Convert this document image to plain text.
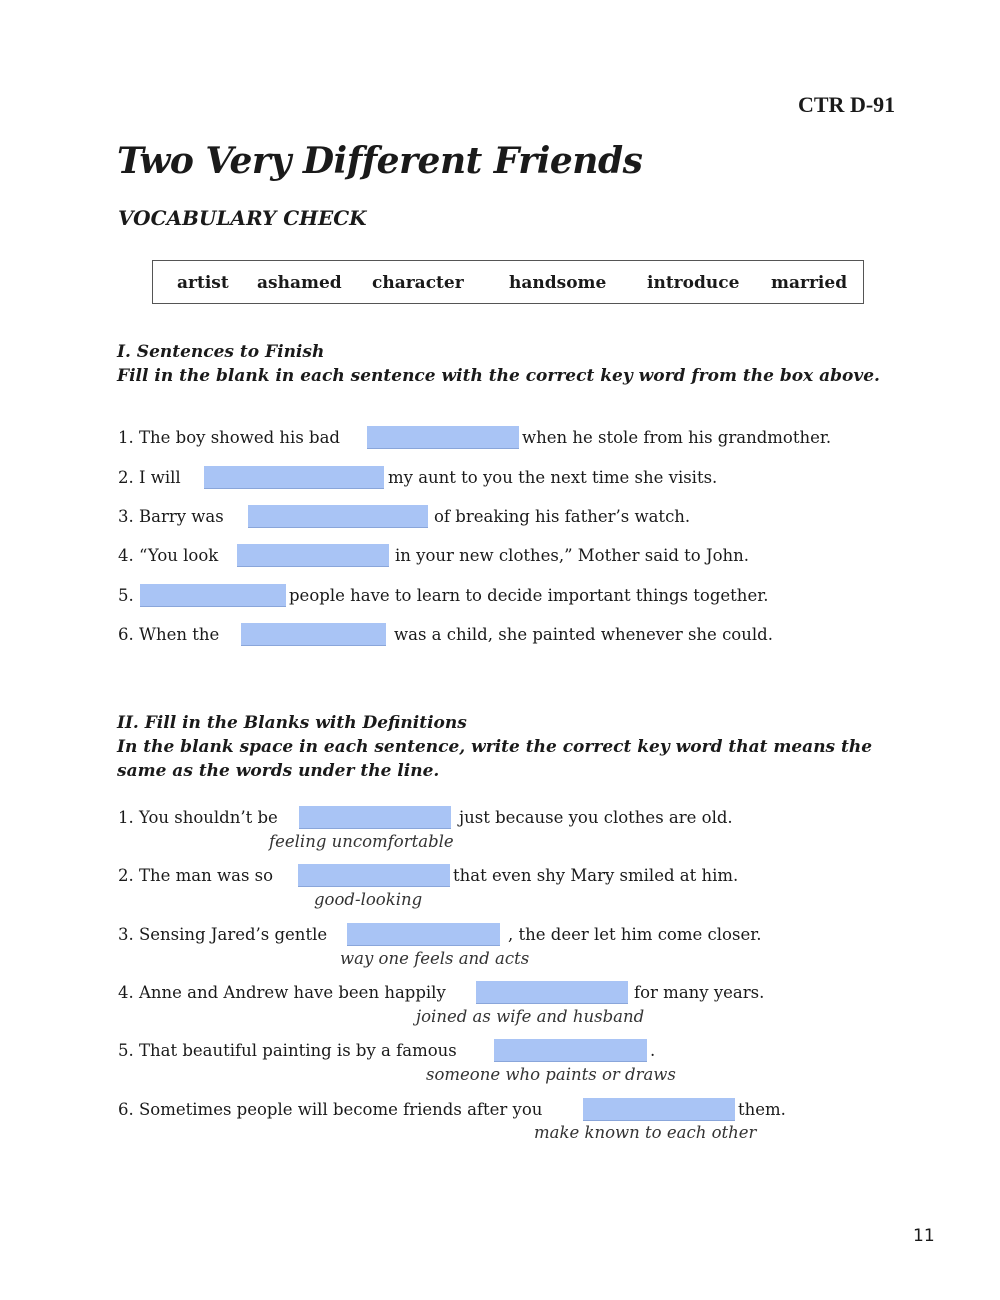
CTR D-91
Two Very Different Friends
VOCABULARY CHECK
artist ashamed character	handsome introduce married
I. Sentences to Finish
Fill in the blank in each sentence with the correct key word from the box above.
1. The boy showed his bad	when he stole from his grandmother.
2. I will	my aunt to you the next time she visits.
3. Barry was	of breaking his father’s watch.
4. “You look	in your new clothes,” Mother said to John.
5.	people have to learn to decide important things together.
6. When the	was a child, she painted whenever she could.
II. Fill in the Blanks with Definitions
In the blank space in each sentence, write the correct key word that means the
same as the words under the line.
1. You shouldn’t be	just because you clothes are old.
feeling uncomfortable
2. The man was so	that even shy Mary smiled at him.
good-looking
3. Sensing Jared’s gentle	, the deer let him come closer.
way one feels and acts
4. Anne and Andrew have been happily	for many years.
joined as wife and husband
5. That beautiful painting is by a famous	.
someone who paints or draws
6. Sometimes people will become friends after you	them.
make known to each other
11
